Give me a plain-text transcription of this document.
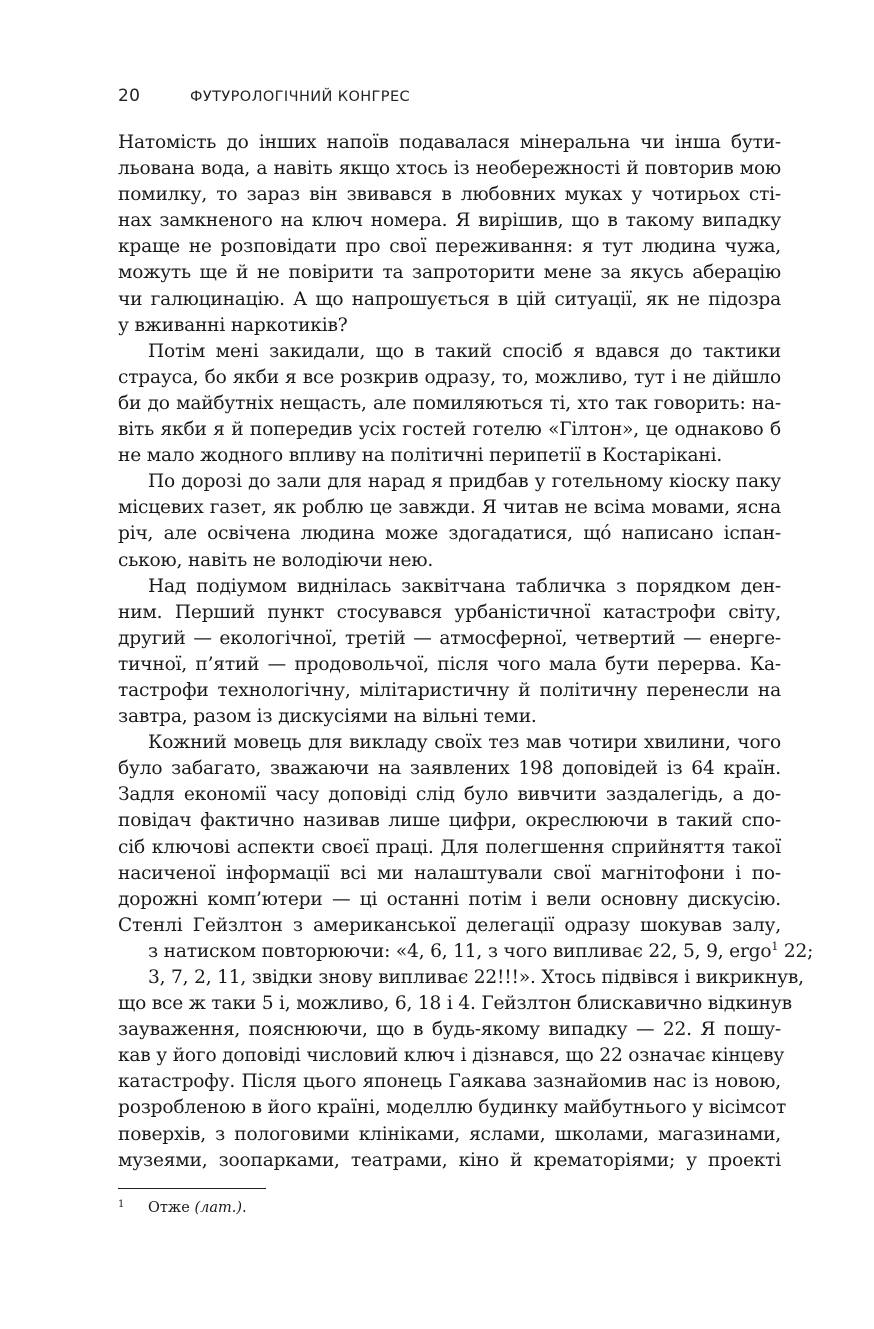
20	ФУТУРОЛОГІЧНИЙ КОНГРЕС
Натомість до інших напоїв подавалася мінеральна чи інша бути-
льована вода, а навіть якщо хтось із необережності й повторив мою
помилку, то зараз він звивався в любовних муках у чотирьох сті-
нах замкненого на ключ номера. Я вирішив, що в такому випадку
краще не розповідати про свої переживання: я тут людина чужа,
можуть ще й не повірити та запроторити мене за якусь аберацію
чи галюцинацію. А що напрошується в цій ситуації, як не підозра
у вживанні наркотиків?
Потім мені закидали, що в такий спосіб я вдався до тактики
страуса, бо якби я все розкрив одразу, то, можливо, тут і не дійшло
би до майбутніх нещасть, але помиляються ті, хто так говорить: на-
віть якби я й попередив усіх гостей готелю «Гілтон», це однаково б
не мало жодного впливу на політичні перипетії в Костарікані.
По дорозі до зали для нарад я придбав у готельному кіоску паку
місцевих газет, як роблю це завжди. Я читав не всіма мовами, ясна
річ, але освічена людина може здогадатися, що́ написано іспан-
ською, навіть не володіючи нею.
Над подіумом виднілась заквітчана табличка з порядком ден-
ним. Перший пункт стосувався урбаністичної катастрофи світу,
другий — екологічної, третій — атмосферної, четвертий — енерге-
тичної, п’ятий — продовольчої, після чого мала бути перерва. Ка-
тастрофи технологічну, мілітаристичну й політичну перенесли на
завтра, разом із дискусіями на вільні теми.
Кожний мовець для викладу своїх тез мав чотири хвилини, чого
було забагато, зважаючи на заявлених 198 доповідей із 64 країн.
Задля економії часу доповіді слід було вивчити заздалегідь, а до-
повідач фактично називав лише цифри, окреслюючи в такий спо-
сіб ключові аспекти своєї праці. Для полегшення сприйняття такої
насиченої інформації всі ми налаштували свої магнітофони і по-
дорожні комп’ютери — ці останні потім і вели основну дискусію.
Стенлі Гейзлтон з американської делегації одразу шокував залу,
з натиском повторюючи: «4, 6, 11, з чого випливає 22, 5, 9, ergo$^1$ 22;
3, 7, 2, 11, звідки знову випливає 22!!!». Хтось підвівся і викрикнув,
що все ж таки 5 і, можливо, 6, 18 і 4. Гейзлтон блискавично відкинув
зауваження, пояснюючи, що в будь-якому випадку — 22. Я пошу-
кав у його доповіді числовий ключ і дізнався, що 22 означає кінцеву
катастрофу. Після цього японець Гаякава зазнайомив нас із новою,
розробленою в його країні, моделлю будинку майбутнього у вісімсот
поверхів, з пологовими клініками, яслами, школами, магазинами,
музеями, зоопарками, театрами, кіно й крематоріями; у проекті
1	Отже (лат.).
